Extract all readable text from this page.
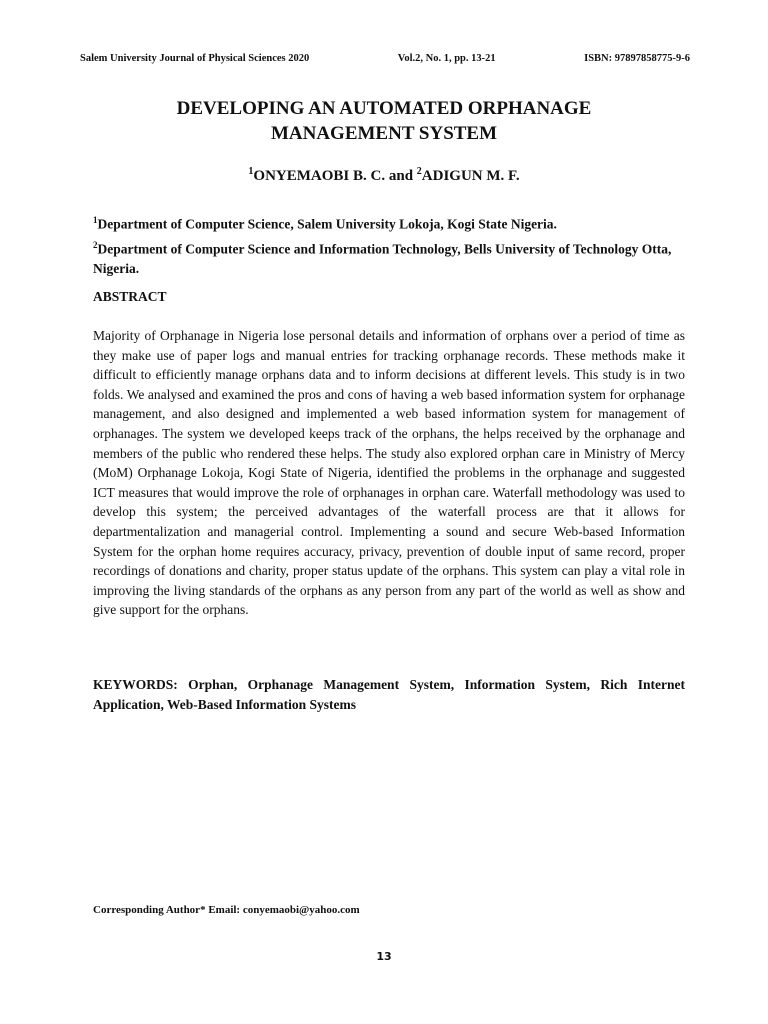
Salem University Journal of Physical Sciences 2020	Vol.2, No. 1, pp. 13-21	ISBN: 97897858775-9-6
DEVELOPING AN AUTOMATED ORPHANAGE
MANAGEMENT SYSTEM
$^1$ONYEMAOBI B. C. and $^2$ADIGUN M. F.

$^1$Department of Computer Science, Salem University Lokoja, Kogi State Nigeria.

$^2$Department of Computer Science and Information Technology, Bells University of Technology Otta, Nigeria.

ABSTRACT

Majority of Orphanage in Nigeria lose personal details and information of orphans over a period of time as they make use of paper logs and manual entries for tracking orphanage records. These methods make it difficult to efficiently manage orphans data and to inform decisions at different levels. This study is in two folds. We analysed and examined the pros and cons of having a web based information system for orphanage management, and also designed and implemented a web based information system for management of orphanages. The system we developed keeps track of the orphans, the helps received by the orphanage and members of the public who rendered these helps. The study also explored orphan care in Ministry of Mercy (MoM) Orphanage Lokoja, Kogi State of Nigeria, identified the problems in the orphanage and suggested ICT measures that would improve the role of orphanages in orphan care. Waterfall methodology was used to develop this system; the perceived advantages of the waterfall process are that it allows for departmentalization and managerial control. Implementing a sound and secure Web-based Information System for the orphan home requires accuracy, privacy, prevention of double input of same record, proper recordings of donations and charity, proper status update of the orphans. This system can play a vital role in improving the living standards of the orphans as any person from any part of the world as well as show and give support for the orphans.

KEYWORDS: Orphan, Orphanage Management System, Information System, Rich Internet Application, Web-Based Information Systems

Corresponding Author* Email: conyemaobi@yahoo.com
13
